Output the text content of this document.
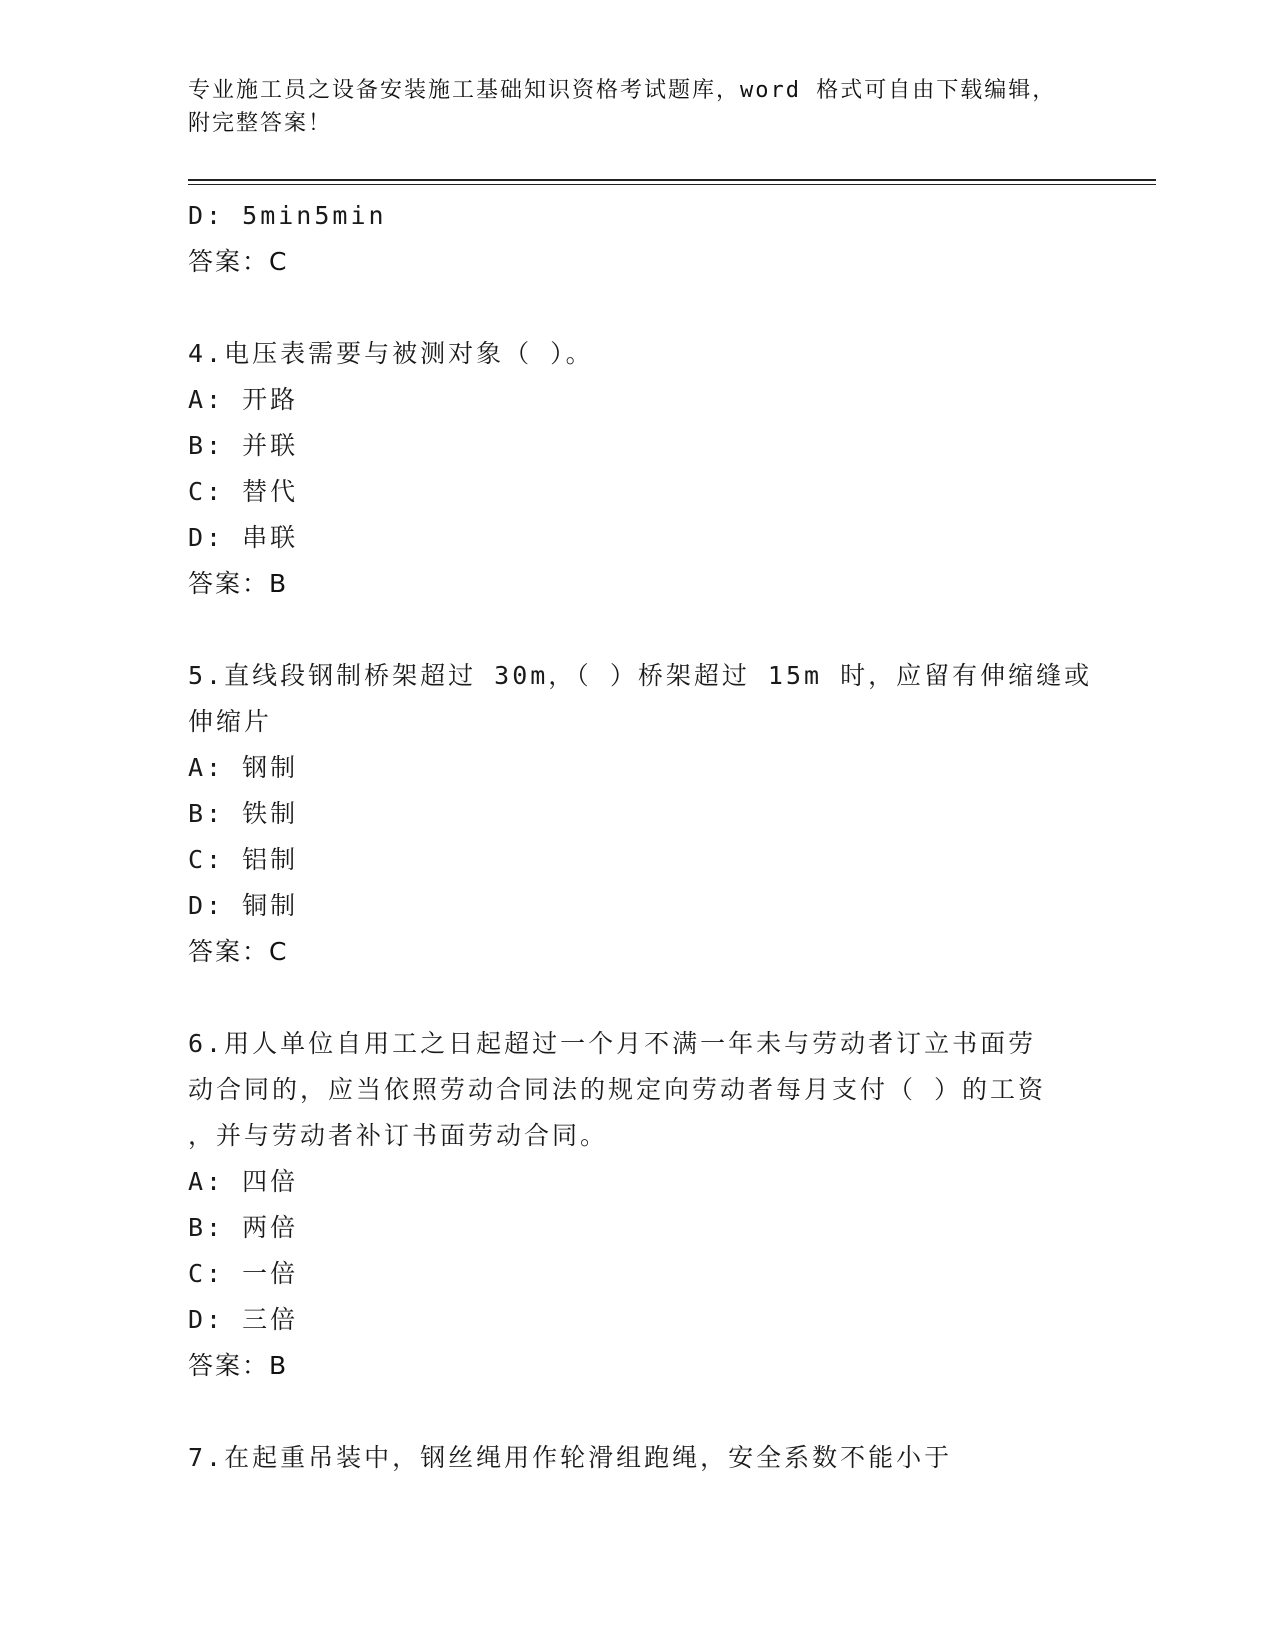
专业施工员之设备安装施工基础知识资格考试题库，word 格式可自由下载编辑，
附完整答案！
D: 5min5min
答案：C
4.电压表需要与被测对象（ ）。
A: 开路
B: 并联
C: 替代
D: 串联
答案：B
5.直线段钢制桥架超过 30m，（ ）桥架超过 15m 时，应留有伸缩缝或
伸缩片
A: 钢制
B: 铁制
C: 铝制
D: 铜制
答案：C
6.用人单位自用工之日起超过一个月不满一年未与劳动者订立书面劳
动合同的，应当依照劳动合同法的规定向劳动者每月支付（ ）的工资
，并与劳动者补订书面劳动合同。
A: 四倍
B: 两倍
C: 一倍
D: 三倍
答案：B
7.在起重吊装中，钢丝绳用作轮滑组跑绳，安全系数不能小于
